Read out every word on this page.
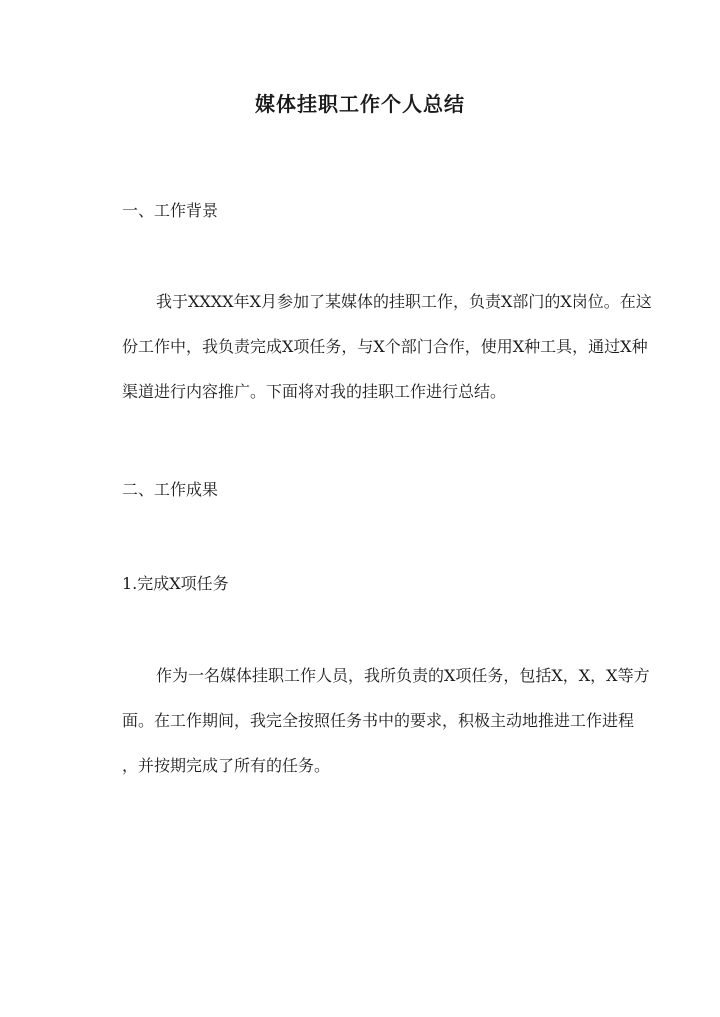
媒体挂职工作个人总结
一、工作背景
我于XXXX年X月参加了某媒体的挂职工作，负责X部门的X岗位。在这
份工作中，我负责完成X项任务，与X个部门合作，使用X种工具，通过X种
渠道进行内容推广。下面将对我的挂职工作进行总结。
二、工作成果
1.完成X项任务
作为一名媒体挂职工作人员，我所负责的X项任务，包括X，X，X等方
面。在工作期间，我完全按照任务书中的要求，积极主动地推进工作进程
，并按期完成了所有的任务。
